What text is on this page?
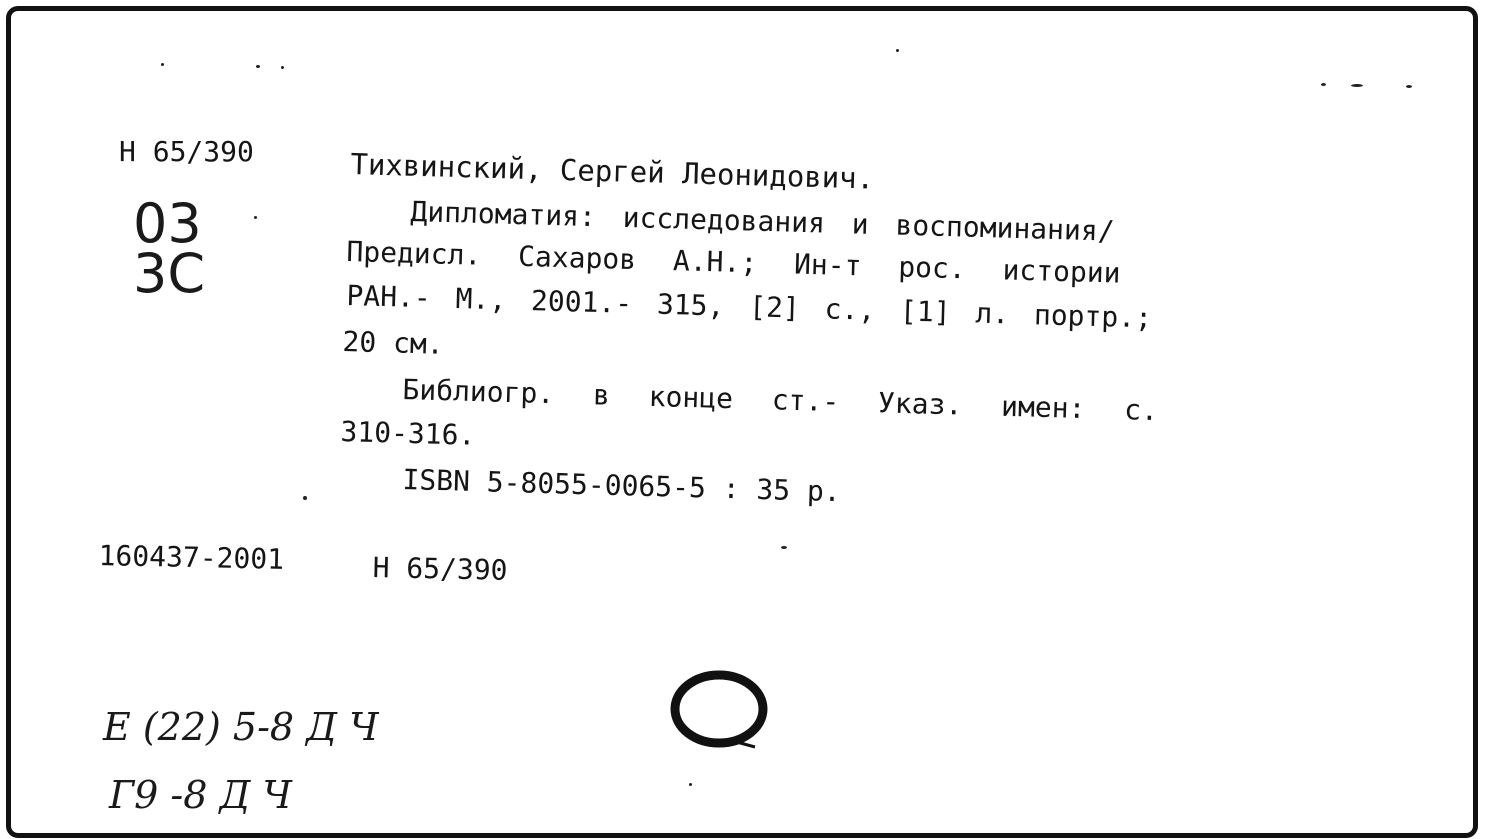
Н 65/390
03
3С
Тихвинский, Сергей Леонидович.
Дипломатия: исследования и воспоминания/
Предисл. Сахаров А.Н.; Ин-т рос. истории
РАН.- М., 2001.- 315, [2] с., [1] л. портр.;
20 см.
Библиогр. в конце ст.- Указ. имен: с.
310-316.
ISBN 5-8055-0065-5 : 35 р.
160437-2001	Н 65/390
Е (22) 5-8 Д Ч
Г9 -8 Д Ч
